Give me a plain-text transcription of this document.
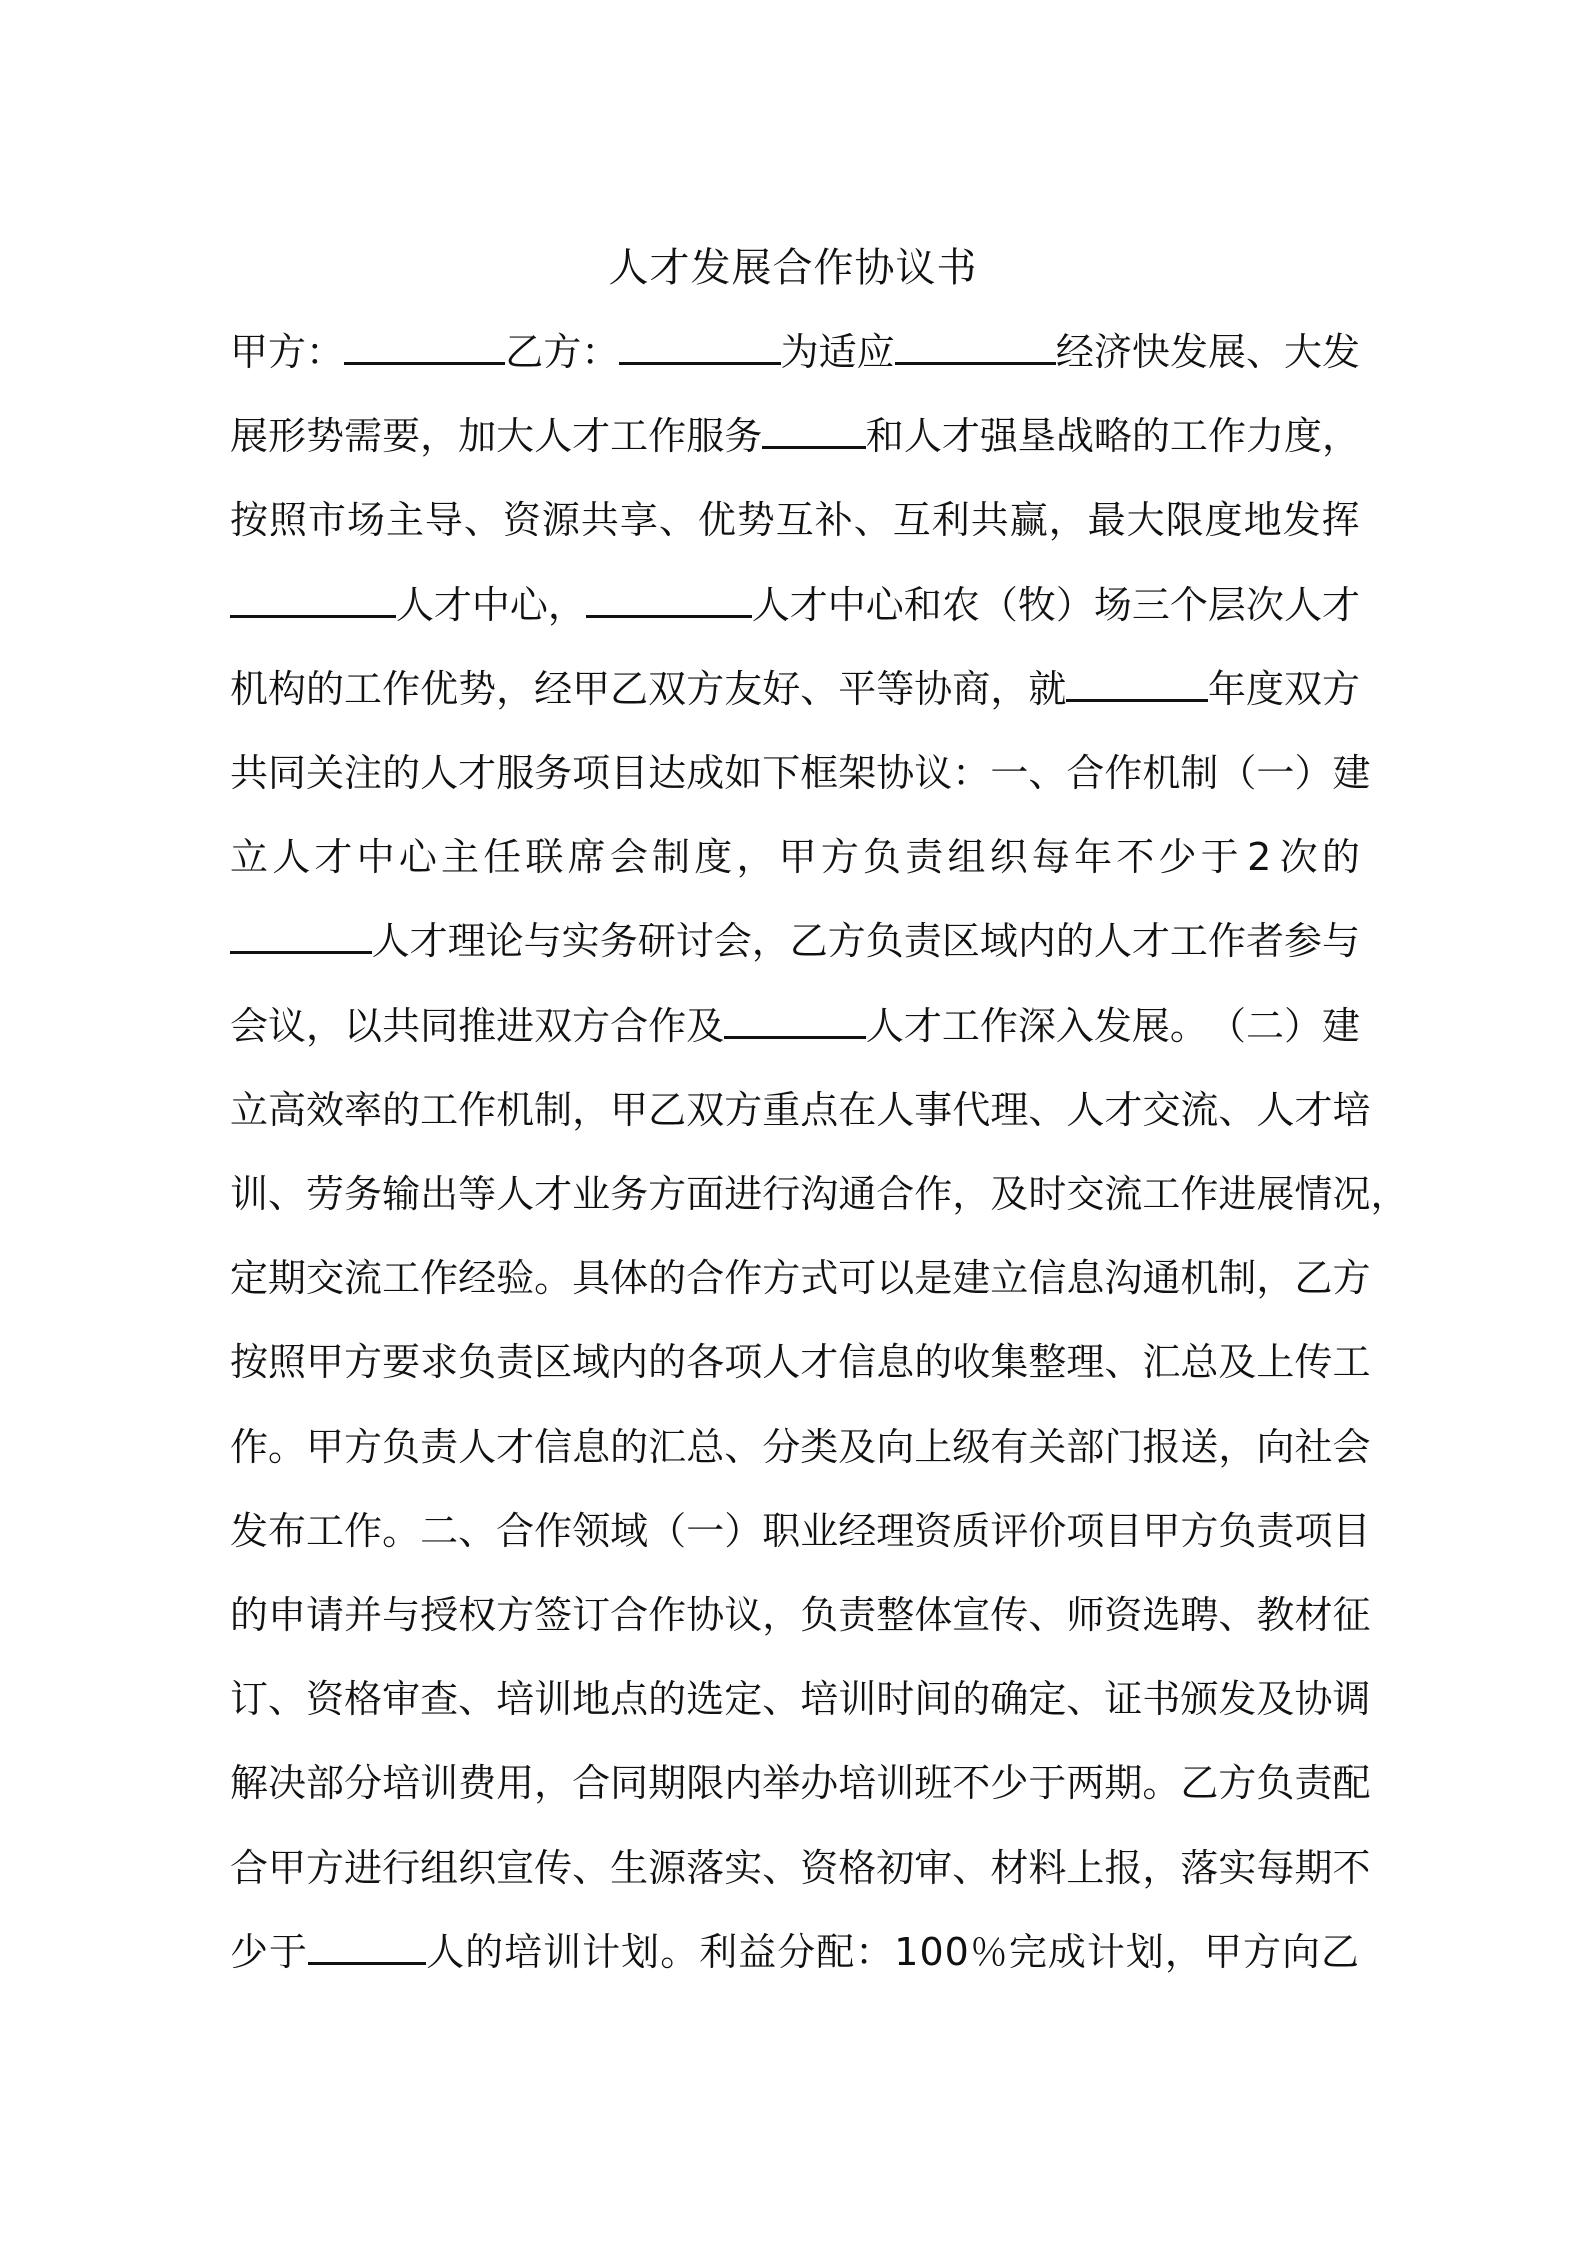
人才发展合作协议书
甲 方 ：	乙 方 ：	为 适 应	经 济 快 发 展 、 大 发
展 形 势 需 要 ， 加 大 人 才 工 作 服 务	和 人 才 强 垦 战 略 的 工 作 力 度 ，
按 照 市 场 主 导 、 资 源 共 享 、 优 势 互 补 、 互 利 共 赢 ， 最 大 限 度 地 发 挥
人 才 中 心 ，	人 才 中 心 和 农 （ 牧 ） 场 三 个 层 次 人 才
机 构 的 工 作 优 势 ， 经 甲 乙 双 方 友 好 、 平 等 协 商 ， 就	年 度 双 方
共 同 关 注 的 人 才 服 务 项 目 达 成 如 下 框 架 协 议 ： 一 、 合 作 机 制 （ 一 ） 建
立 人 才 中 心 主 任 联 席 会 制 度 ， 甲 方 负 责 组 织 每 年 不 少 于 2 次 的
人 才 理 论 与 实 务 研 讨 会 ， 乙 方 负 责 区 域 内 的 人 才 工 作 者 参 与
会 议 ， 以 共 同 推 进 双 方 合 作 及	人 才 工 作 深 入 发 展 。 （ 二 ） 建
立 高 效 率 的 工 作 机 制 ， 甲 乙 双 方 重 点 在 人 事 代 理 、 人 才 交 流 、 人 才 培
训 、 劳 务 输 出 等 人 才 业 务 方 面 进 行 沟 通 合 作 ， 及 时 交 流 工 作 进 展 情 况 ，
定 期 交 流 工 作 经 验 。 具 体 的 合 作 方 式 可 以 是 建 立 信 息 沟 通 机 制 ， 乙 方
按 照 甲 方 要 求 负 责 区 域 内 的 各 项 人 才 信 息 的 收 集 整 理 、 汇 总 及 上 传 工
作 。 甲 方 负 责 人 才 信 息 的 汇 总 、 分 类 及 向 上 级 有 关 部 门 报 送 ， 向 社 会
发 布 工 作 。 二 、 合 作 领 域 （ 一 ） 职 业 经 理 资 质 评 价 项 目 甲 方 负 责 项 目
的 申 请 并 与 授 权 方 签 订 合 作 协 议 ， 负 责 整 体 宣 传 、 师 资 选 聘 、 教 材 征
订 、 资 格 审 查 、 培 训 地 点 的 选 定 、 培 训 时 间 的 确 定 、 证 书 颁 发 及 协 调
解 决 部 分 培 训 费 用 ， 合 同 期 限 内 举 办 培 训 班 不 少 于 两 期 。 乙 方 负 责 配
合 甲 方 进 行 组 织 宣 传 、 生 源 落 实 、 资 格 初 审 、 材 料 上 报 ， 落 实 每 期 不
少 于	人 的 培 训 计 划 。 利 益 分 配 ： 1 0 0 ％ 完 成 计 划 ， 甲 方 向 乙
